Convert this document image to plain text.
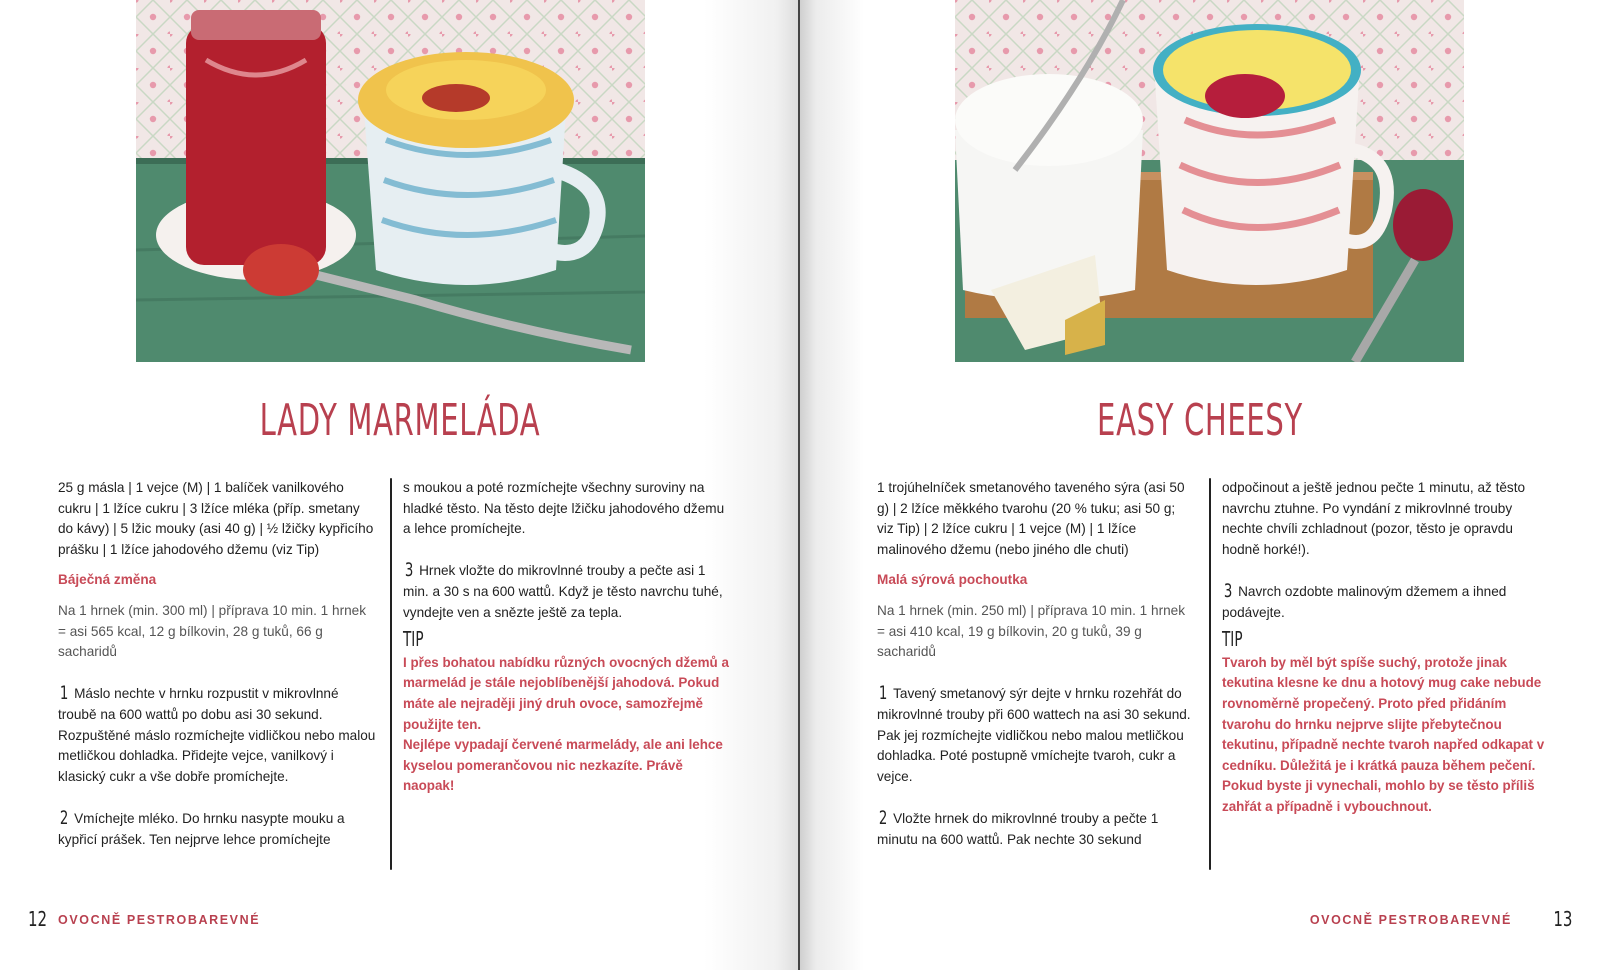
LADY MARMELÁDA

25 g másla | 1 vejce (M) | 1 balíček vanilkového cukru | 1 lžíce cukru | 3 lžíce mléka (příp. smetany do kávy) | 5 lžic mouky (asi 40 g) | ½ lžičky kypřicího prášku | 1 lžíce jahodového džemu (viz Tip)

Báječná změna

Na 1 hrnek (min. 300 ml) | příprava 10 min. 1 hrnek = asi 565 kcal, 12 g bílkovin, 28 g tuků, 66 g sacharidů

1 Máslo nechte v hrnku rozpustit v mikrovlnné troubě na 600 wattů po dobu asi 30 sekund. Rozpuštěné máslo rozmíchejte vidličkou nebo malou metličkou dohladka. Přidejte vejce, vanilkový i klasický cukr a vše dobře promíchejte.

2 Vmíchejte mléko. Do hrnku nasypte mouku a kypřicí prášek. Ten nejprve lehce promíchejte

s moukou a poté rozmíchejte všechny suroviny na hladké těsto. Na těsto dejte lžičku jahodového džemu a lehce promíchejte.

3 Hrnek vložte do mikrovlnné trouby a pečte asi 1 min. a 30 s na 600 wattů. Když je těsto navrchu tuhé, vyndejte ven a snězte ještě za tepla.

TIP

I přes bohatou nabídku různých ovocných džemů a marmelád je stále nejoblíbenější jahodová. Pokud máte ale nejraději jiný druh ovoce, samozřejmě použijte ten.

Nejlépe vypadají červené marmelády, ale ani lehce kyselou pomerančovou nic nezkazíte. Právě naopak!

12 OVOCNĚ PESTROBAREVNÉ
EASY CHEESY

1 trojúhelníček smetanového taveného sýra (asi 50 g) | 2 lžíce měkkého tvarohu (20 % tuku; asi 50 g; viz Tip) | 2 lžíce cukru | 1 vejce (M) | 1 lžíce malinového džemu (nebo jiného dle chuti)

Malá sýrová pochoutka

Na 1 hrnek (min. 250 ml) | příprava 10 min. 1 hrnek = asi 410 kcal, 19 g bílkovin, 20 g tuků, 39 g sacharidů

1 Tavený smetanový sýr dejte v hrnku rozehřát do mikrovlnné trouby při 600 wattech na asi 30 sekund. Pak jej rozmíchejte vidličkou nebo malou metličkou dohladka. Poté postupně vmíchejte tvaroh, cukr a vejce.

2 Vložte hrnek do mikrovlnné trouby a pečte 1 minutu na 600 wattů. Pak nechte 30 sekund

odpočinout a ještě jednou pečte 1 minutu, až těsto navrchu ztuhne. Po vyndání z mikrovlnné trouby nechte chvíli zchladnout (pozor, těsto je opravdu hodně horké!).

3 Navrch ozdobte malinovým džemem a ihned podávejte.

TIP

Tvaroh by měl být spíše suchý, protože jinak tekutina klesne ke dnu a hotový mug cake nebude rovnoměrně propečený. Proto před přidáním tvarohu do hrnku nejprve slijte přebytečnou tekutinu, případně nechte tvaroh napřed odkapat v cedníku. Důležitá je i krátká pauza během pečení. Pokud byste ji vynechali, mohlo by se těsto příliš zahřát a případně i vybouchnout.

OVOCNĚ PESTROBAREVNÉ 13
